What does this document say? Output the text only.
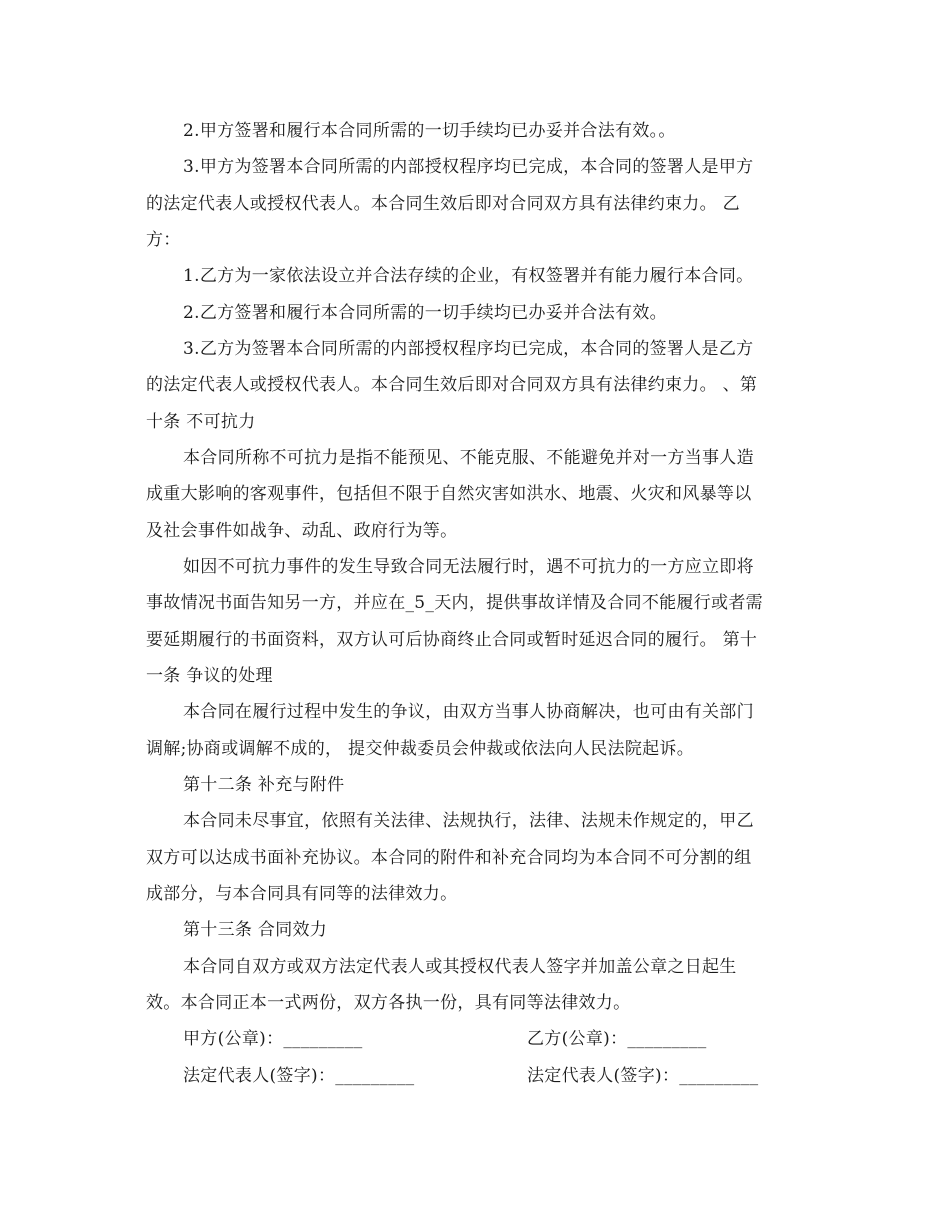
2.甲方签署和履行本合同所需的一切手续均已办妥并合法有效。。
3.甲方为签署本合同所需的内部授权程序均已完成，本合同的签署人是甲方
的法定代表人或授权代表人。本合同生效后即对合同双方具有法律约束力。 乙
方：
1.乙方为一家依法设立并合法存续的企业，有权签署并有能力履行本合同。
2.乙方签署和履行本合同所需的一切手续均已办妥并合法有效。
3.乙方为签署本合同所需的内部授权程序均已完成，本合同的签署人是乙方
的法定代表人或授权代表人。本合同生效后即对合同双方具有法律约束力。 、第
十条 不可抗力
本合同所称不可抗力是指不能预见、不能克服、不能避免并对一方当事人造
成重大影响的客观事件，包括但不限于自然灾害如洪水、地震、火灾和风暴等以
及社会事件如战争、动乱、政府行为等。
如因不可抗力事件的发生导致合同无法履行时，遇不可抗力的一方应立即将
事故情况书面告知另一方，并应在_5_天内，提供事故详情及合同不能履行或者需
要延期履行的书面资料，双方认可后协商终止合同或暂时延迟合同的履行。 第十
一条 争议的处理
本合同在履行过程中发生的争议，由双方当事人协商解决，也可由有关部门
调解;协商或调解不成的， 提交仲裁委员会仲裁或依法向人民法院起诉。
第十二条 补充与附件
本合同未尽事宜，依照有关法律、法规执行，法律、法规未作规定的，甲乙
双方可以达成书面补充协议。本合同的附件和补充合同均为本合同不可分割的组
成部分，与本合同具有同等的法律效力。
第十三条 合同效力
本合同自双方或双方法定代表人或其授权代表人签字并加盖公章之日起生
效。本合同正本一式两份，双方各执一份，具有同等法律效力。
甲方(公章)：_________	乙方(公章)：_________
法定代表人(签字)：_________	法定代表人(签字)：_________
